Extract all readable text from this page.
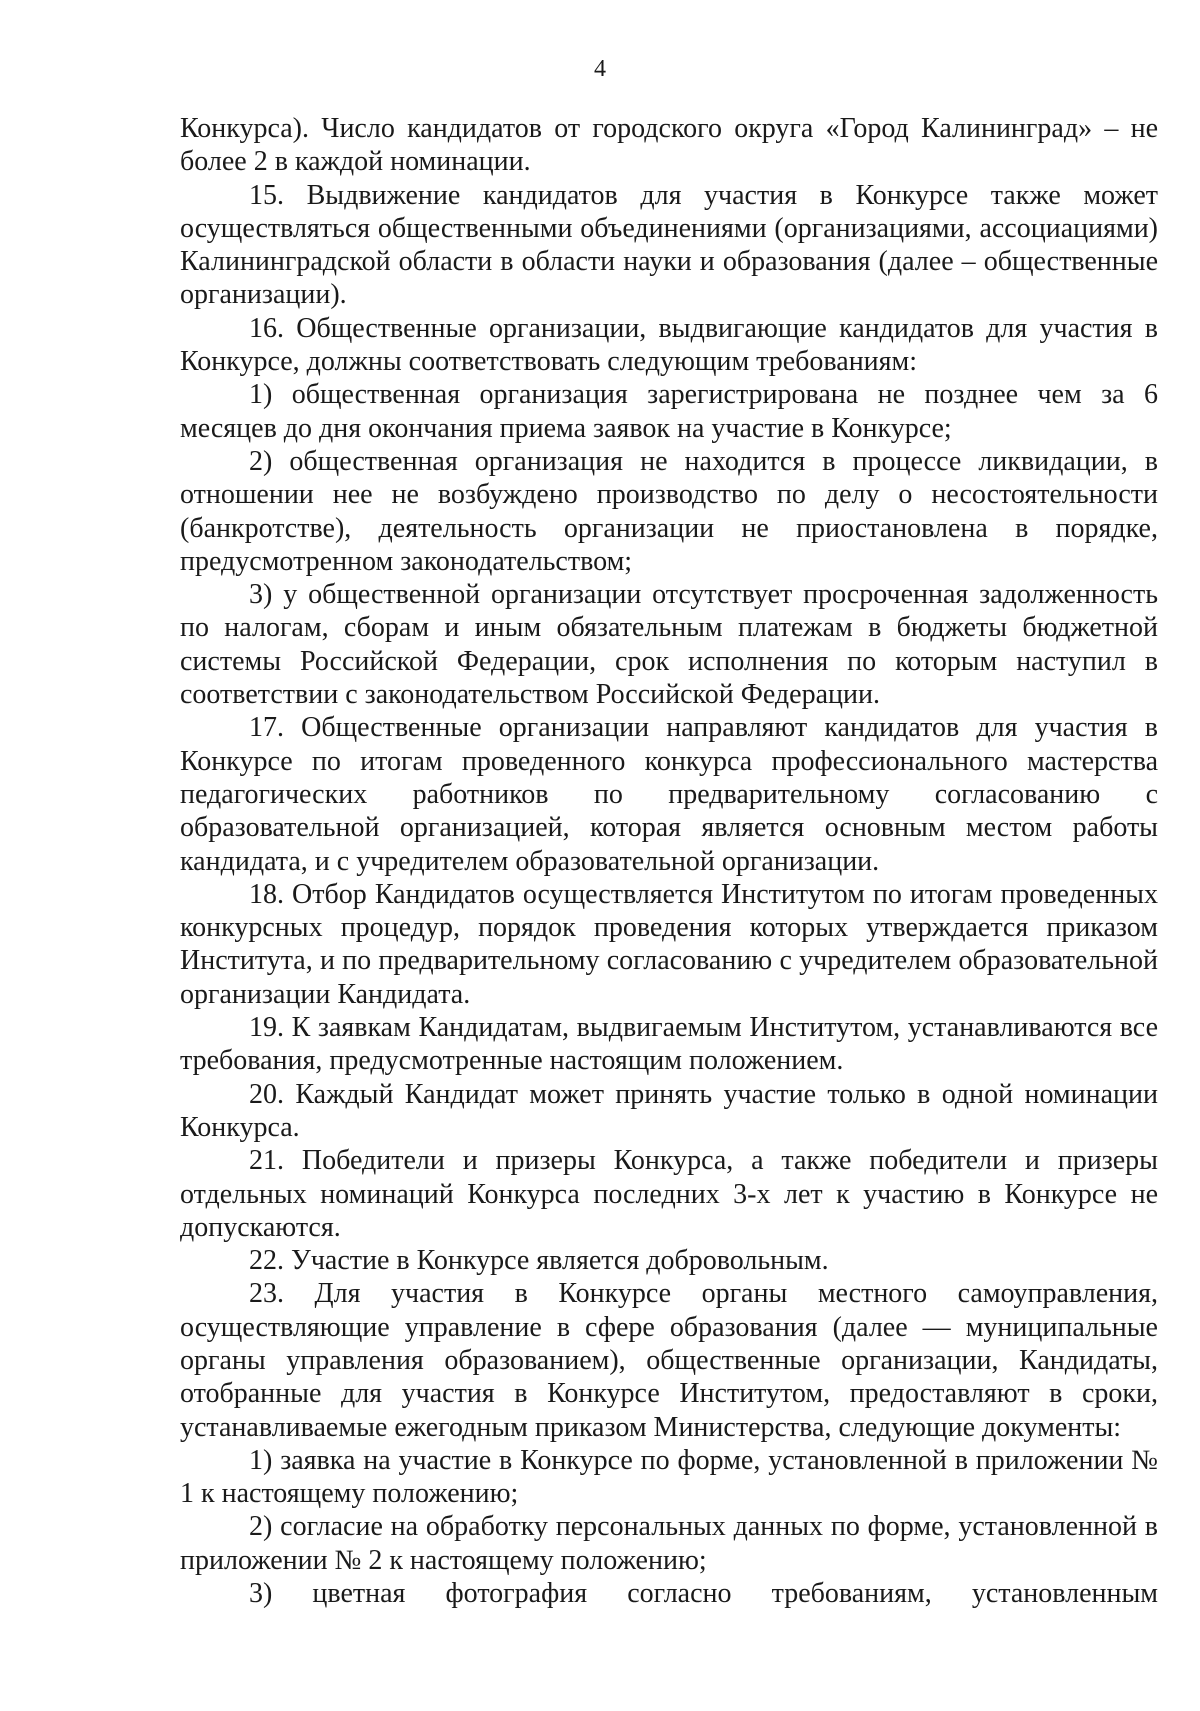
4

Конкурса). Число кандидатов от городского округа «Город Калининград» – не более 2 в каждой номинации.

15. Выдвижение кандидатов для участия в Конкурсе также может осуществляться общественными объединениями (организациями, ассоциациями) Калининградской области в области науки и образования (далее – общественные организации).

16. Общественные организации, выдвигающие кандидатов для участия в Конкурсе, должны соответствовать следующим требованиям:

1) общественная организация зарегистрирована не позднее чем за 6 месяцев до дня окончания приема заявок на участие в Конкурсе;

2) общественная организация не находится в процессе ликвидации, в отношении нее не возбуждено производство по делу о несостоятельности (банкротстве), деятельность организации не приостановлена в порядке, предусмотренном законодательством;

3) у общественной организации отсутствует просроченная задолженность по налогам, сборам и иным обязательным платежам в бюджеты бюджетной системы Российской Федерации, срок исполнения по которым наступил в соответствии с законодательством Российской Федерации.

17. Общественные организации направляют кандидатов для участия в Конкурсе по итогам проведенного конкурса профессионального мастерства педагогических работников по предварительному согласованию с образовательной организацией, которая является основным местом работы кандидата, и с учредителем образовательной организации.

18. Отбор Кандидатов осуществляется Институтом по итогам проведенных конкурсных процедур, порядок проведения которых утверждается приказом Института, и по предварительному согласованию с учредителем образовательной организации Кандидата.

19. К заявкам Кандидатам, выдвигаемым Институтом, устанавливаются все требования, предусмотренные настоящим положением.

20. Каждый Кандидат может принять участие только в одной номинации Конкурса.

21. Победители и призеры Конкурса, а также победители и призеры отдельных номинаций Конкурса последних 3-х лет к участию в Конкурсе не допускаются.

22. Участие в Конкурсе является добровольным.

23. Для участия в Конкурсе органы местного самоуправления, осуществляющие управление в сфере образования (далее — муниципальные органы управления образованием), общественные организации, Кандидаты, отобранные для участия в Конкурсе Институтом, предоставляют в сроки, устанавливаемые ежегодным приказом Министерства, следующие документы:

1) заявка на участие в Конкурсе по форме, установленной в приложении № 1 к настоящему положению;

2) согласие на обработку персональных данных по форме, установленной в приложении № 2 к настоящему положению;

3) цветная фотография согласно требованиям, установленным
